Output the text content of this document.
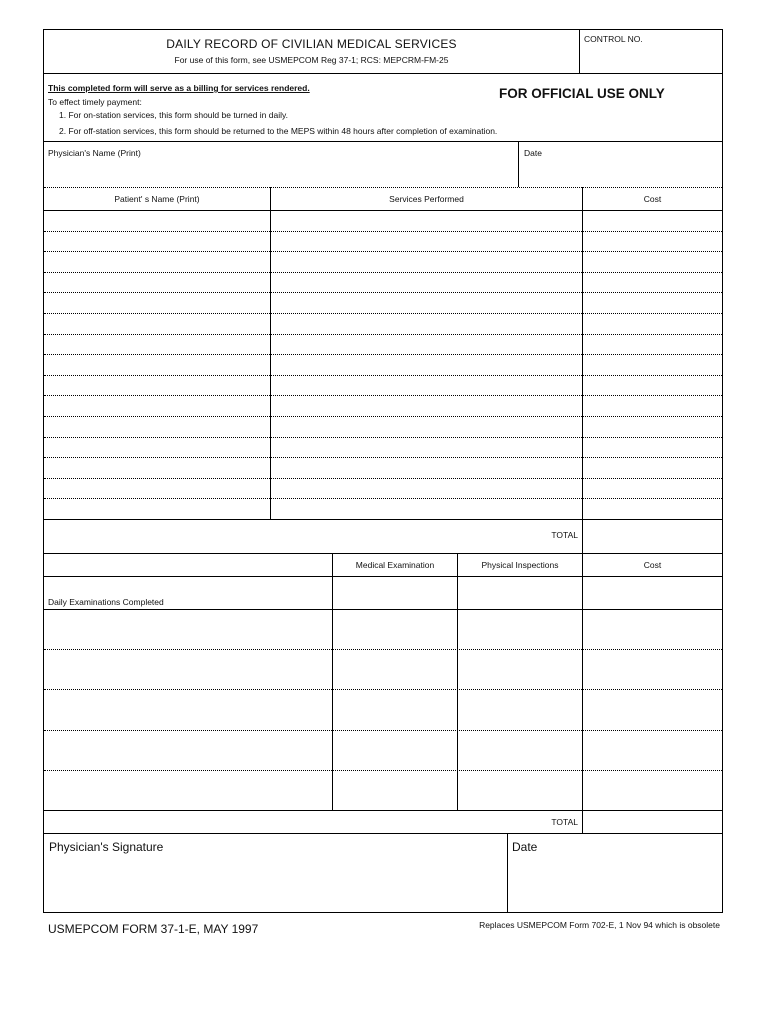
DAILY RECORD OF CIVILIAN MEDICAL SERVICES
For use of this form, see USMEPCOM Reg 37-1; RCS: MEPCRM-FM-25
CONTROL NO.
This completed form will serve as a billing for services rendered.
To effect timely payment:
1. For on-station services, this form should be turned in daily.
2. For off-station services, this form should be returned to the MEPS within 48 hours after completion of examination.
FOR OFFICIAL USE ONLY
Physician's Name (Print)	Date
Patient' s Name (Print)	Services Performed	Cost
TOTAL
Medical Examination	Physical Inspections	Cost
Daily Examinations Completed
TOTAL
Physician's Signature	Date
USMEPCOM FORM 37-1-E, MAY 1997	Replaces USMEPCOM Form 702-E, 1 Nov 94 which is obsolete
